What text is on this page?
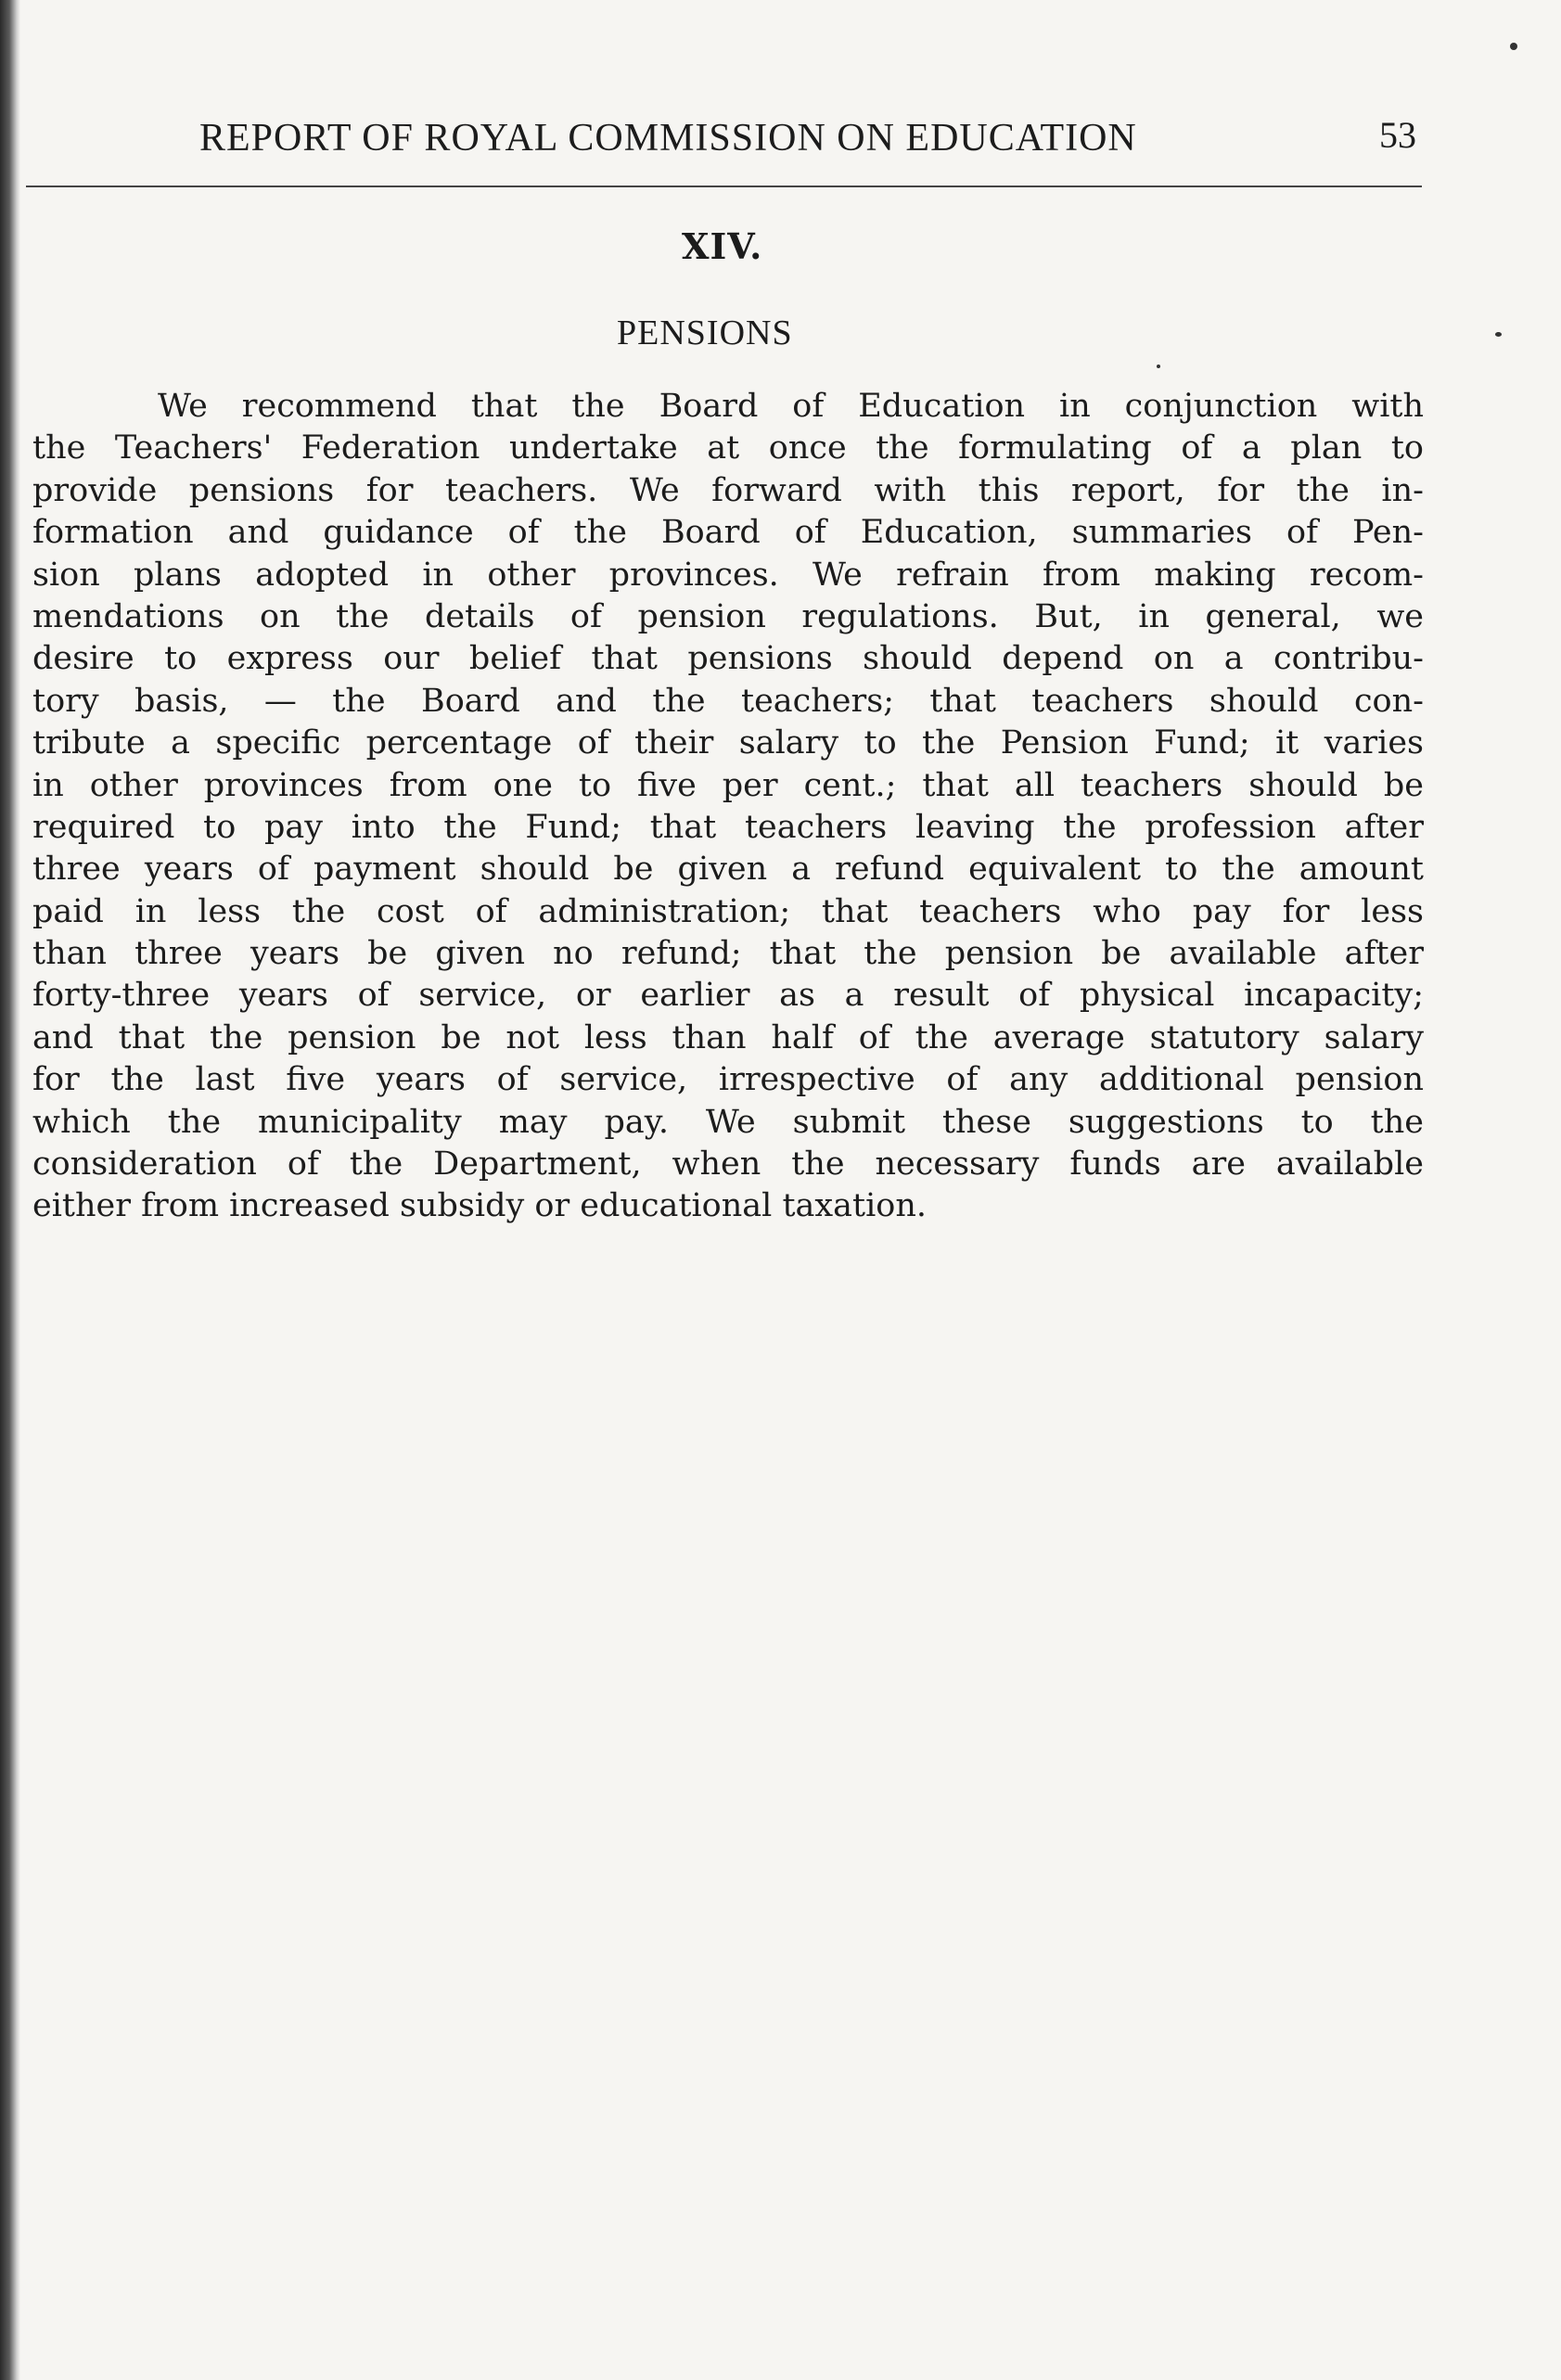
REPORT OF ROYAL COMMISSION ON EDUCATION	53
XIV.
PENSIONS
We recommend that the Board of Education in conjunction with
the Teachers' Federation undertake at once the formulating of a plan to
provide pensions for teachers. We forward with this report, for the in-
formation and guidance of the Board of Education, summaries of Pen-
sion plans adopted in other provinces. We refrain from making recom-
mendations on the details of pension regulations. But, in general, we
desire to express our belief that pensions should depend on a contribu-
tory basis, — the Board and the teachers; that teachers should con-
tribute a specific percentage of their salary to the Pension Fund; it varies
in other provinces from one to five per cent.; that all teachers should be
required to pay into the Fund; that teachers leaving the profession after
three years of payment should be given a refund equivalent to the amount
paid in less the cost of administration; that teachers who pay for less
than three years be given no refund; that the pension be available after
forty-three years of service, or earlier as a result of physical incapacity;
and that the pension be not less than half of the average statutory salary
for the last five years of service, irrespective of any additional pension
which the municipality may pay. We submit these suggestions to the
consideration of the Department, when the necessary funds are available
either from increased subsidy or educational taxation.
